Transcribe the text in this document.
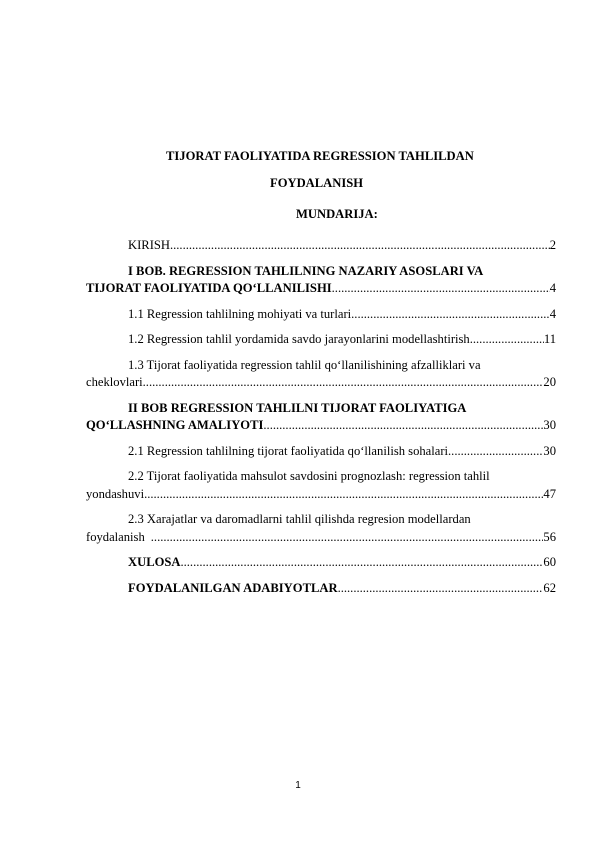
TIJORAT FAOLIYATIDA REGRESSION TAHLILDAN
FOYDALANISH
MUNDARIJA:
KIRISH .....	2
I BOB. REGRESSION TAHLILNING NAZARIY ASOSLARI VA
TIJORAT FAOLIYATIDA QO‘LLANILISHI .....	4
1.1 Regression tahlilning mohiyati va turlari .....	4
1.2 Regression tahlil yordamida savdo jarayonlarini modellashtirish .....	11
1.3 Tijorat faoliyatida regression tahlil qo‘llanilishining afzalliklari va
cheklovlari .....	20
II BOB REGRESSION TAHLILNI TIJORAT FAOLIYATIGA
QO‘LLASHNING AMALIYOTI .....	30
2.1 Regression tahlilning tijorat faoliyatida qo‘llanilish sohalari .....	30
2.2 Tijorat faoliyatida mahsulot savdosini prognozlash: regression tahlil
yondashuvi .....	47
2.3 Xarajatlar va daromadlarni tahlil qilishda regresion modellardan
foydalanish .....	56
XULOSA .....	60
FOYDALANILGAN ADABIYOTLAR .....	62
1
